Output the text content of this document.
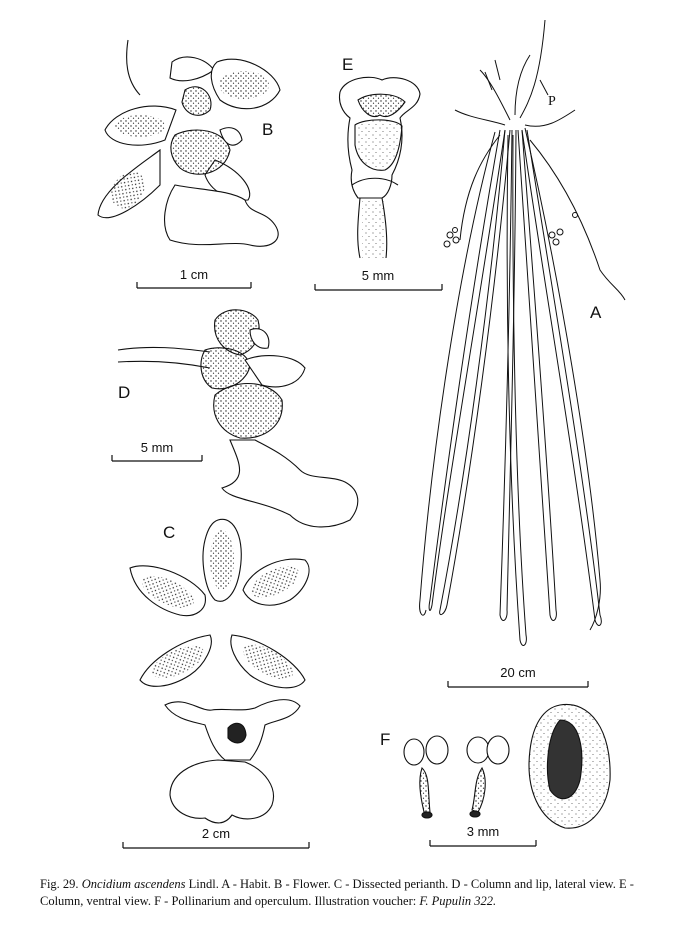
B
1 cm
E
5 mm
P
A
20 cm
D
5 mm
C
2 cm
F
3 mm
Fig. 29. Oncidium ascendens Lindl. A - Habit. B - Flower. C - Dissected perianth. D - Column and lip, lateral view. E - Column, ventral view. F - Pollinarium and operculum. Illustration voucher: F. Pupulin 322.
